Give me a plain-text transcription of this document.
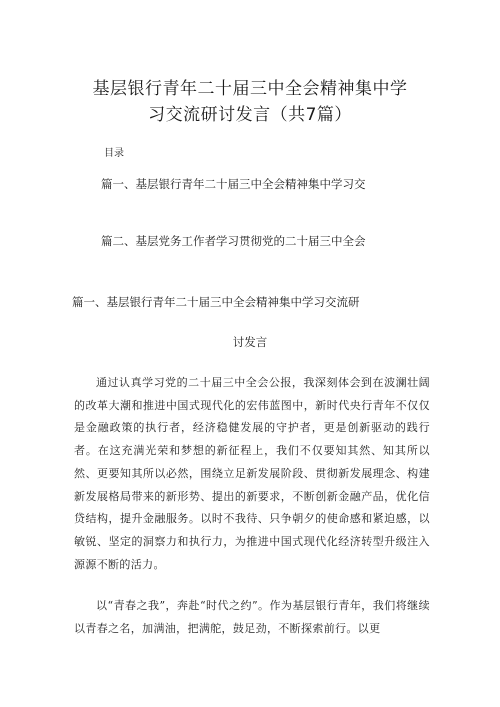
基层银行青年二十届三中全会精神集中学
习交流研讨发言（共7篇）
目录
篇一、基层银行青年二十届三中全会精神集中学习交
篇二、基层党务工作者学习贯彻党的二十届三中全会
篇一、基层银行青年二十届三中全会精神集中学习交流研
讨发言

通过认真学习党的二十届三中全会公报，我深刻体会到在波澜壮阔的改革大潮和推进中国式现代化的宏伟蓝图中，新时代央行青年不仅仅是金融政策的执行者，经济稳健发展的守护者，更是创新驱动的践行者。在这充满光荣和梦想的新征程上，我们不仅要知其然、知其所以然、更要知其所以必然，围绕立足新发展阶段、贯彻新发展理念、构建新发展格局带来的新形势、提出的新要求，不断创新金融产品，优化信贷结构，提升金融服务。以时不我待、只争朝夕的使命感和紧迫感，以敏锐、坚定的洞察力和执行力，为推进中国式现代化经济转型升级注入源源不断的活力。

以“青春之我”，奔赴“时代之约”。作为基层银行青年，我们将继续以青春之名，加满油，把满舵，鼓足劲，不断探索前行。以更
